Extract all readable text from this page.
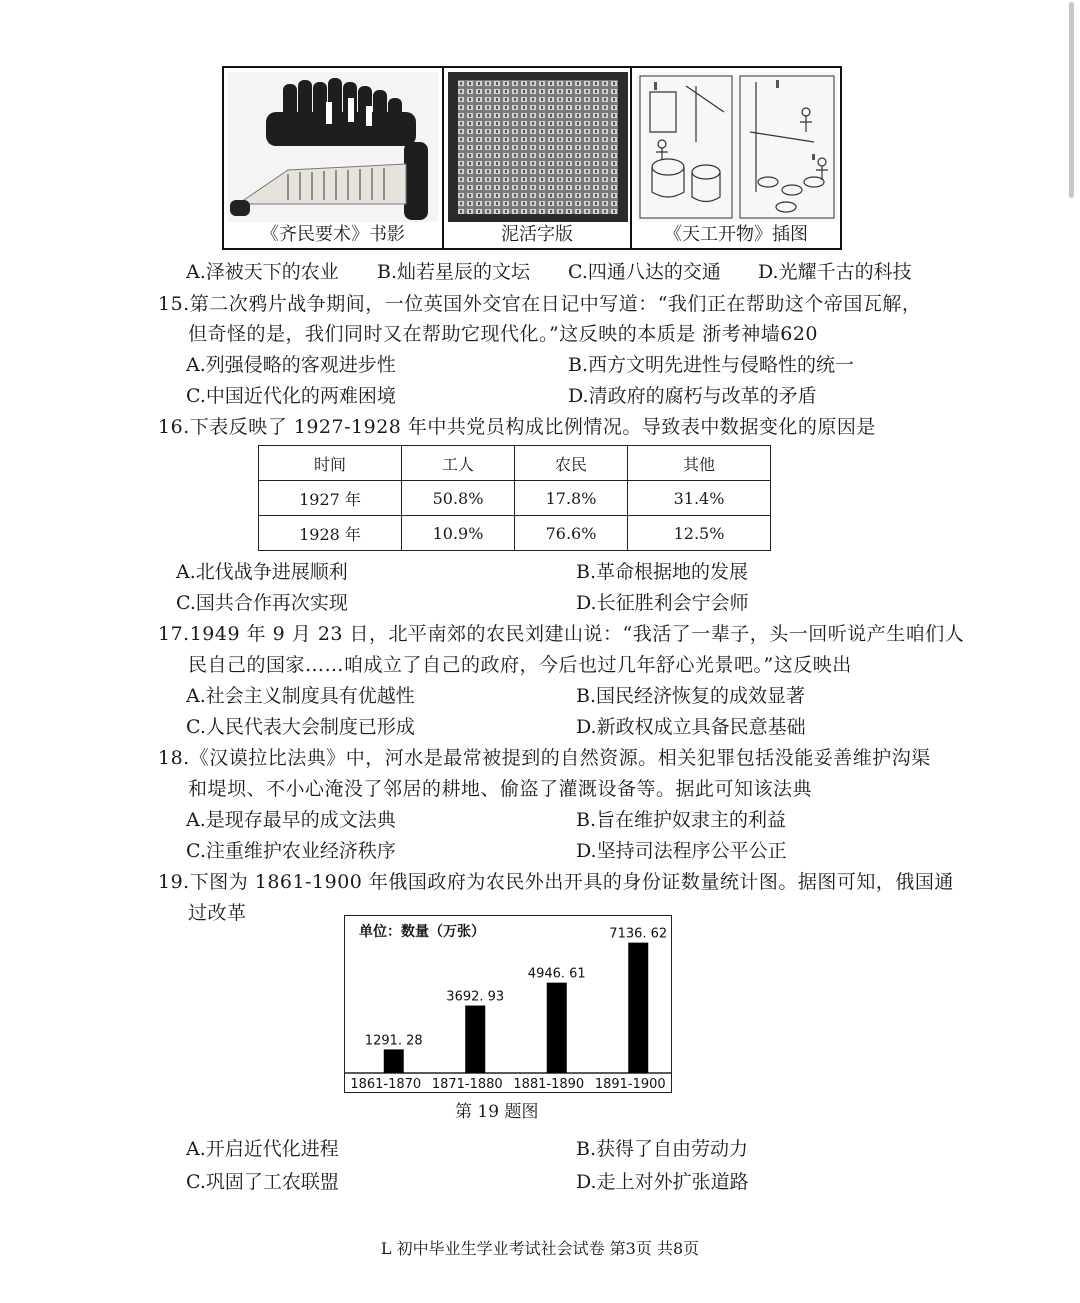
《齐民要术》书影	泥活字版	《天工开物》插图
A.泽被天下的农业 B.灿若星辰的文坛 C.四通八达的交通 D.光耀千古的科技
15.第二次鸦片战争期间，一位英国外交官在日记中写道：“我们正在帮助这个帝国瓦解，
但奇怪的是，我们同时又在帮助它现代化。”这反映的本质是 浙考神墙620
A.列强侵略的客观进步性	B.西方文明先进性与侵略性的统一
C.中国近代化的两难困境	D.清政府的腐朽与改革的矛盾
16.下表反映了 1927-1928 年中共党员构成比例情况。导致表中数据变化的原因是
时间	工人	农民	其他
1927 年	50.8%	17.8%	31.4%
1928 年	10.9%	76.6%	12.5%
A.北伐战争进展顺利	B.革命根据地的发展
C.国共合作再次实现	D.长征胜利会宁会师
17.1949 年 9 月 23 日，北平南郊的农民刘建山说：“我活了一辈子，头一回听说产生咱们人
民自己的国家……咱成立了自己的政府，今后也过几年舒心光景吧。”这反映出
A.社会主义制度具有优越性	B.国民经济恢复的成效显著
C.人民代表大会制度已形成	D.新政权成立具备民意基础
18.《汉谟拉比法典》中，河水是最常被提到的自然资源。相关犯罪包括没能妥善维护沟渠
和堤坝、不小心淹没了邻居的耕地、偷盗了灌溉设备等。据此可知该法典
A.是现存最早的成文法典	B.旨在维护奴隶主的利益
C.注重维护农业经济秩序	D.坚持司法程序公平公正
19.下图为 1861-1900 年俄国政府为农民外出开具的身份证数量统计图。据图可知，俄国通
过改革
单位：数量（万张）
1291. 28
1861-1870
3692. 93
1871-1880
4946. 61
1881-1890
7136. 62
1891-1900
第 19 题图
A.开启近代化进程	B.获得了自由劳动力
C.巩固了工农联盟	D.走上对外扩张道路
L 初中毕业生学业考试社会试卷 第3页 共8页
